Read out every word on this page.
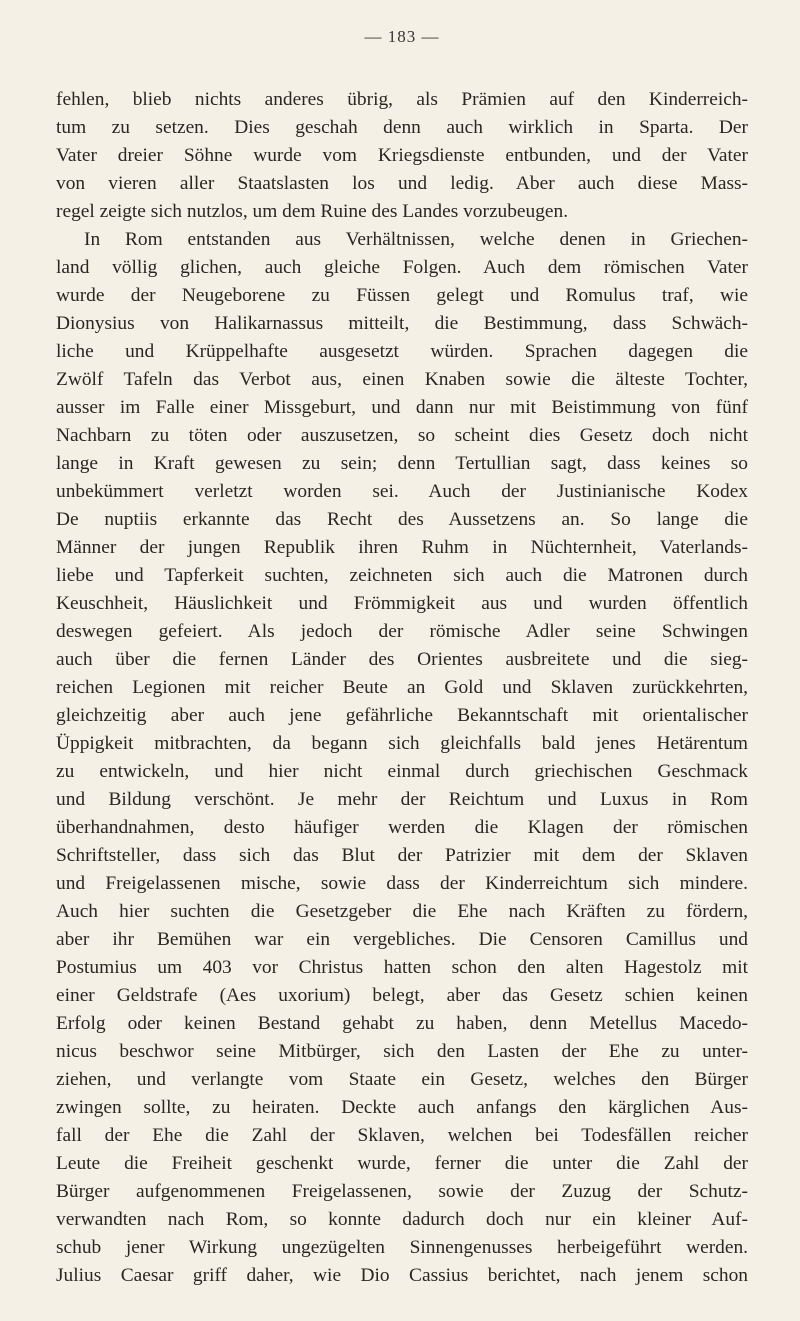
— 183 —
fehlen, blieb nichts anderes übrig, als Prämien auf den Kinderreich-
tum zu setzen. Dies geschah denn auch wirklich in Sparta. Der
Vater dreier Söhne wurde vom Kriegsdienste entbunden, und der Vater
von vieren aller Staatslasten los und ledig. Aber auch diese Mass-
regel zeigte sich nutzlos, um dem Ruine des Landes vorzubeugen.
In Rom entstanden aus Verhältnissen, welche denen in Griechen-
land völlig glichen, auch gleiche Folgen. Auch dem römischen Vater
wurde der Neugeborene zu Füssen gelegt und Romulus traf, wie
Dionysius von Halikarnassus mitteilt, die Bestimmung, dass Schwäch-
liche und Krüppelhafte ausgesetzt würden. Sprachen dagegen die
Zwölf Tafeln das Verbot aus, einen Knaben sowie die älteste Tochter,
ausser im Falle einer Missgeburt, und dann nur mit Beistimmung von fünf
Nachbarn zu töten oder auszusetzen, so scheint dies Gesetz doch nicht
lange in Kraft gewesen zu sein; denn Tertullian sagt, dass keines so
unbekümmert verletzt worden sei. Auch der Justinianische Kodex
De nuptiis erkannte das Recht des Aussetzens an. So lange die
Männer der jungen Republik ihren Ruhm in Nüchternheit, Vaterlands-
liebe und Tapferkeit suchten, zeichneten sich auch die Matronen durch
Keuschheit, Häuslichkeit und Frömmigkeit aus und wurden öffentlich
deswegen gefeiert. Als jedoch der römische Adler seine Schwingen
auch über die fernen Länder des Orientes ausbreitete und die sieg-
reichen Legionen mit reicher Beute an Gold und Sklaven zurückkehrten,
gleichzeitig aber auch jene gefährliche Bekanntschaft mit orientalischer
Üppigkeit mitbrachten, da begann sich gleichfalls bald jenes Hetärentum
zu entwickeln, und hier nicht einmal durch griechischen Geschmack
und Bildung verschönt. Je mehr der Reichtum und Luxus in Rom
überhandnahmen, desto häufiger werden die Klagen der römischen
Schriftsteller, dass sich das Blut der Patrizier mit dem der Sklaven
und Freigelassenen mische, sowie dass der Kinderreichtum sich mindere.
Auch hier suchten die Gesetzgeber die Ehe nach Kräften zu fördern,
aber ihr Bemühen war ein vergebliches. Die Censoren Camillus und
Postumius um 403 vor Christus hatten schon den alten Hagestolz mit
einer Geldstrafe (Aes uxorium) belegt, aber das Gesetz schien keinen
Erfolg oder keinen Bestand gehabt zu haben, denn Metellus Macedo-
nicus beschwor seine Mitbürger, sich den Lasten der Ehe zu unter-
ziehen, und verlangte vom Staate ein Gesetz, welches den Bürger
zwingen sollte, zu heiraten. Deckte auch anfangs den kärglichen Aus-
fall der Ehe die Zahl der Sklaven, welchen bei Todesfällen reicher
Leute die Freiheit geschenkt wurde, ferner die unter die Zahl der
Bürger aufgenommenen Freigelassenen, sowie der Zuzug der Schutz-
verwandten nach Rom, so konnte dadurch doch nur ein kleiner Auf-
schub jener Wirkung ungezügelten Sinnengenusses herbeigeführt werden.
Julius Caesar griff daher, wie Dio Cassius berichtet, nach jenem schon
